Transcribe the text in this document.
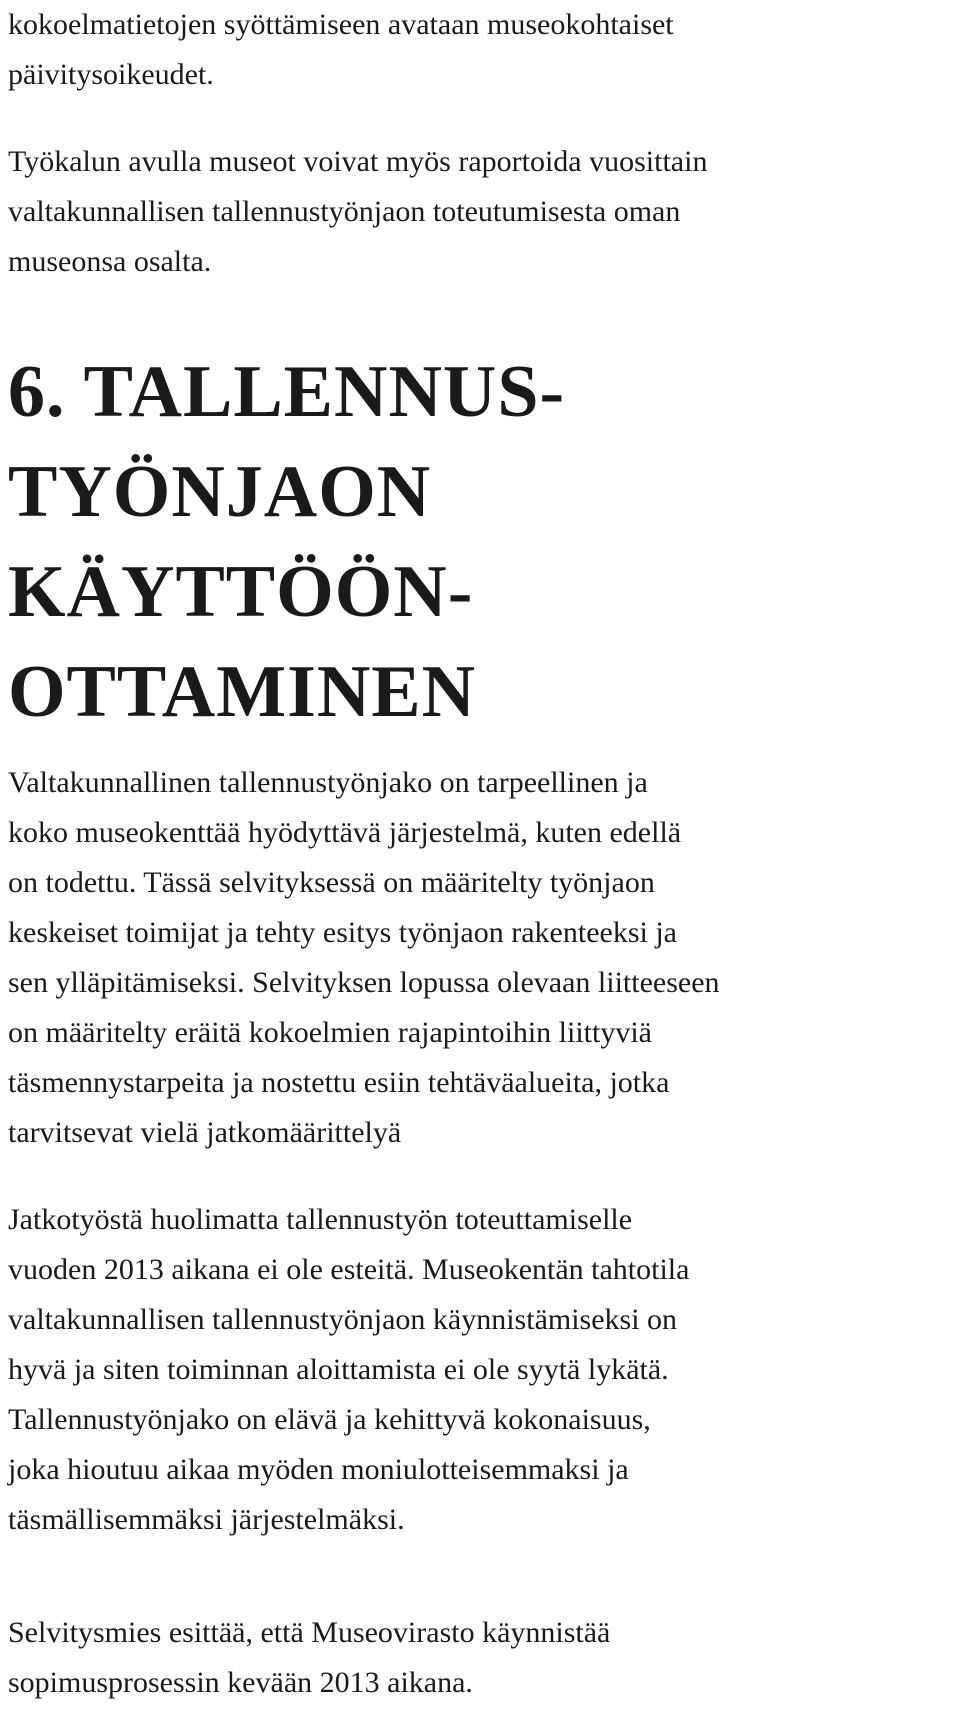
kokoelmatietojen syöttämiseen avataan museokohtaiset
päivitysoikeudet.

Työkalun avulla museot voivat myös raportoida vuosittain
valtakunnallisen tallennustyönjaon toteutumisesta oman
museonsa osalta.

6. TALLENNUS-
TYÖNJAON
KÄYTTÖÖN-
OTTAMINEN

Valtakunnallinen tallennustyönjako on tarpeellinen ja
koko museokenttää hyödyttävä järjestelmä, kuten edellä
on todettu. Tässä selvityksessä on määritelty työnjaon
keskeiset toimijat ja tehty esitys työnjaon rakenteeksi ja
sen ylläpitämiseksi. Selvityksen lopussa olevaan liitteeseen
on määritelty eräitä kokoelmien rajapintoihin liittyviä
täsmennystarpeita ja nostettu esiin tehtäväalueita, jotka
tarvitsevat vielä jatkomäärittelyä

Jatkotyöstä huolimatta tallennustyön toteuttamiselle
vuoden 2013 aikana ei ole esteitä. Museokentän tahtotila
valtakunnallisen tallennustyönjaon käynnistämiseksi on
hyvä ja siten toiminnan aloittamista ei ole syytä lykätä.
Tallennustyönjako on elävä ja kehittyvä kokonaisuus,
joka hioutuu aikaa myöden moniulotteisemmaksi ja
täsmällisemmäksi järjestelmäksi.

Selvitysmies esittää, että Museovirasto käynnistää
sopimusprosessin kevään 2013 aikana.
